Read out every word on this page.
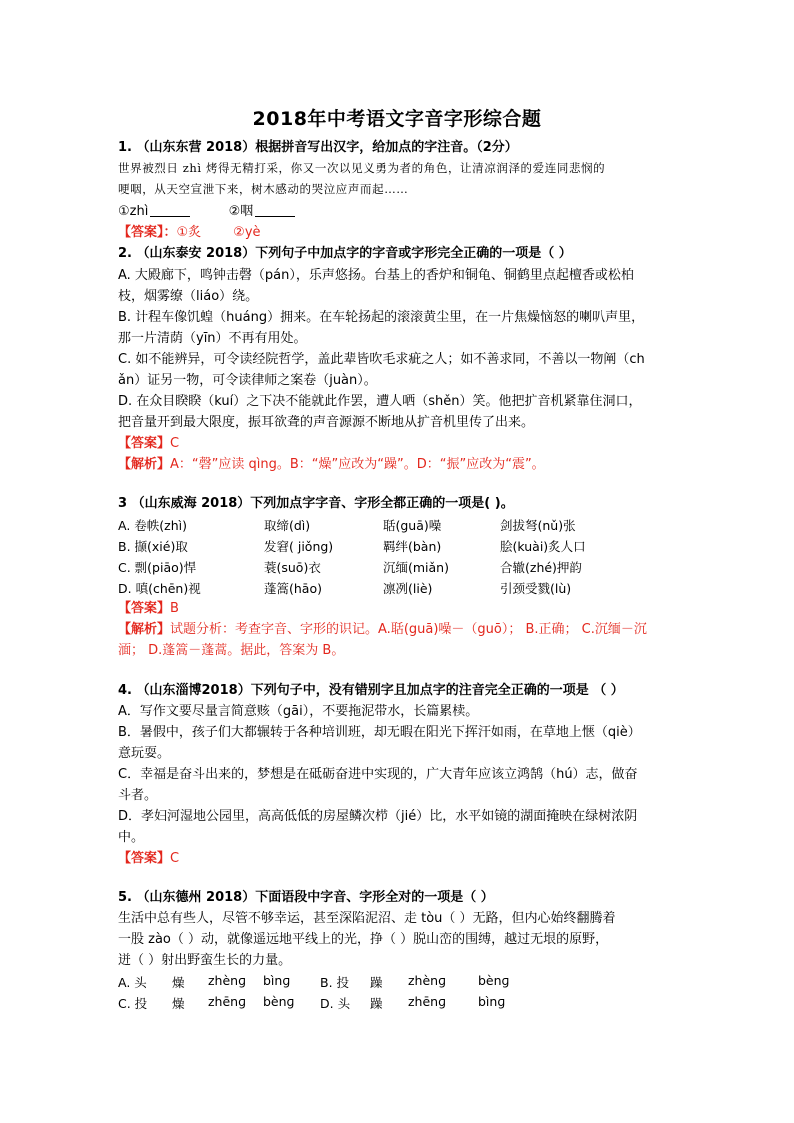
2018年中考语文字音字形综合题
1. （山东东营 2018）根据拼音写出汉字，给加点的字注音。（2分）
世界被烈日 zhì 烤得无精打采，你又一次以见义勇为者的角色，让清凉润泽的爱连同悲悯的
哽咽，从天空宣泄下来，树木感动的哭泣应声而起……
①zhì	②咽
【答案】：①炙 ②yè
2. （山东泰安 2018）下列句子中加点字的字音或字形完全正确的一项是（ ）
A. 大殿廊下，鸣钟击磬（pán），乐声悠扬。台基上的香炉和铜龟、铜鹤里点起檀香或松柏
枝，烟雾缭（liáo）绕。
B. 计程车像饥蝗（huáng）拥来。在车轮扬起的滚滚黄尘里，在一片焦燥恼怒的喇叭声里，
那一片清荫（yīn）不再有用处。
C. 如不能辨异，可令读经院哲学，盖此辈皆吹毛求疵之人；如不善求同，不善以一物阐（ch
ǎn）证另一物，可令读律师之案卷（juàn）。
D. 在众目睽睽（kuí）之下决不能就此作罢，遭人哂（shěn）笑。他把扩音机紧靠住洞口，
把音量开到最大限度，振耳欲聋的声音源源不断地从扩音机里传了出来。
【答案】C
【解析】A：“磬”应读 qìng。B：“燥”应改为“躁”。D：“振”应改为“震”。
3 （山东威海 2018）下列加点字字音、字形全都正确的一项是( )。
A. 卷帙(zhì)	取缔(dì)	聒(guā)噪	剑拔弩(nǔ)张
B. 撷(xié)取	发窘( jiǒng)	羁绊(bàn)	脍(kuài)炙人口
C. 剽(piāo)悍	蓑(suō)衣	沉缅(miǎn)	合辙(zhé)押韵
D. 嗔(chēn)视	蓬篙(hāo)	凛冽(liè)	引颈受戮(lù)
【答案】B
【解析】试题分析：考查字音、字形的识记。A.聒(guā)噪－（guō）； B.正确； C.沉缅－沉
湎； D.蓬篙－蓬蒿。据此，答案为 B。
4. （山东淄博2018）下列句子中，没有错别字且加点字的注音完全正确的一项是 （ ）
A．写作文要尽量言简意赅（gāi），不要拖泥带水，长篇累椟。
B．暑假中，孩子们大都辗转于各种培训班，却无暇在阳光下挥汗如雨，在草地上惬（qiè）
意玩耍。
C．幸福是奋斗出来的，梦想是在砥砺奋进中实现的，广大青年应该立鸿鹄（hú）志，做奋
斗者。
D．孝妇河湿地公园里，高高低低的房屋鳞次栉（jié）比，水平如镜的湖面掩映在绿树浓阴
中。
【答案】C
5. （山东德州 2018）下面语段中字音、字形全对的一项是（ ）
生活中总有些人，尽管不够幸运，甚至深陷泥沼、走 tòu（ ）无路，但内心始终翻腾着
一股 zào（ ）动，就像遥远地平线上的光，挣（ ）脱山峦的围缚，越过无垠的原野，
迸（ ）射出野蛮生长的力量。
A. 头 燥 zhènɡ bìnɡ B. 投 躁 zhènɡ	bènɡ
C. 投 燥 zhēnɡ bènɡ D. 头 躁 zhēnɡ	bìnɡ
